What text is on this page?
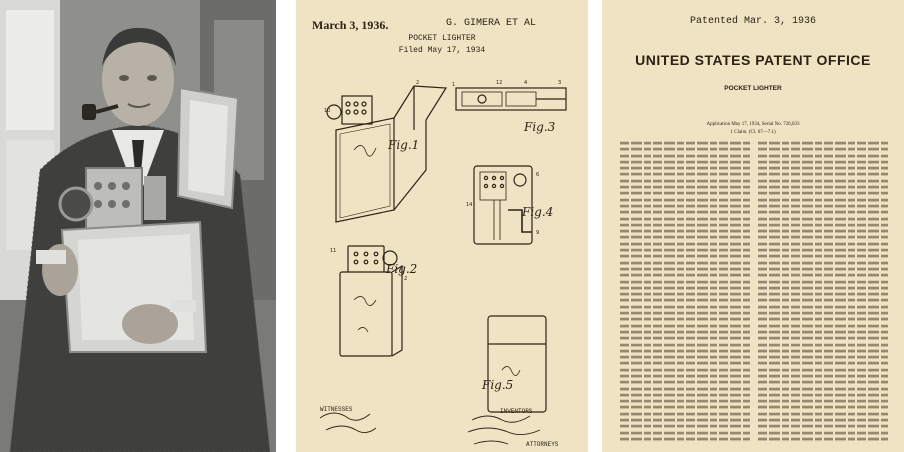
March 3, 1936.	G. GIMERA ET AL
POCKET LIGHTER
Filed May 17, 1934
10
2	1	12	4	3
6
14
9
11
2
Fig.1
Fig.3
Fig.4
Fig.2
Fig.5
WITNESSES	INVENTORS
ATTORNEYS
Patented Mar. 3, 1936
UNITED STATES PATENT OFFICE
POCKET LIGHTER
Application May 17, 1934, Serial No. 726,033
1 Claim. (Cl. 67—7.1)
